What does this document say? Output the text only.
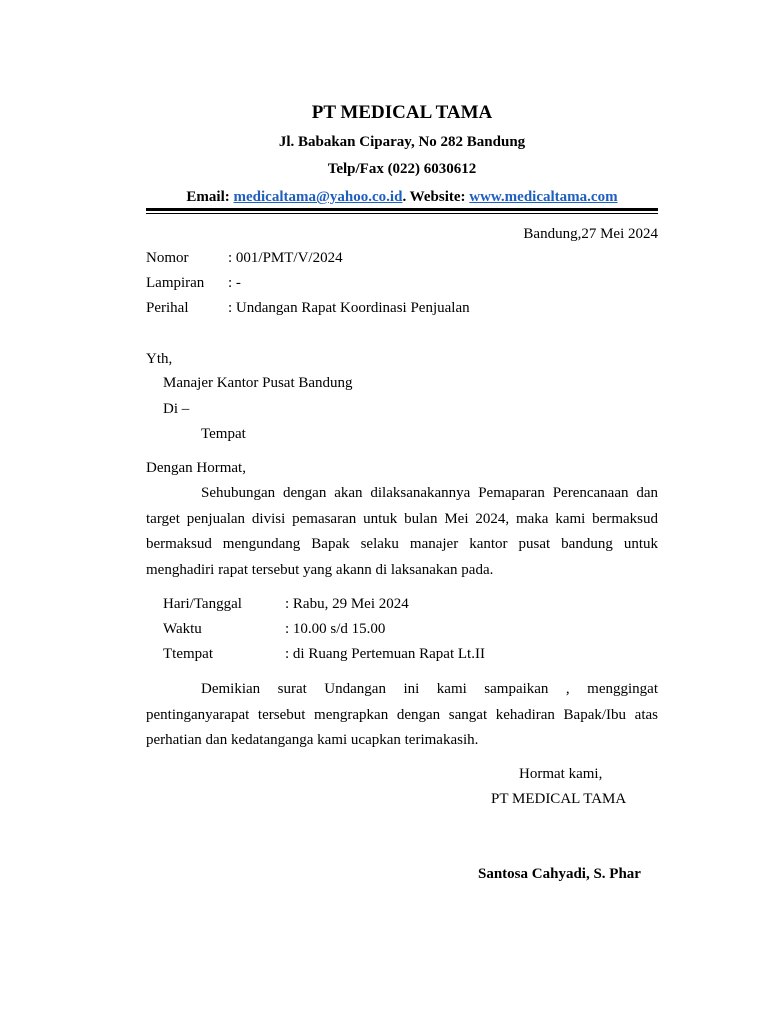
PT MEDICAL TAMA
Jl. Babakan Ciparay, No 282 Bandung
Telp/Fax (022) 6030612
Email: medicaltama@yahoo.co.id. Website: www.medicaltama.com
Bandung,27 Mei 2024
Nomor	: 001/PMT/V/2024
Lampiran : -
Perihal	: Undangan Rapat Koordinasi Penjualan
Yth,
Manajer Kantor Pusat Bandung
Di –
Tempat
Dengan Hormat,
Sehubungan dengan akan dilaksanakannya Pemaparan Perencanaan dan target penjualan divisi pemasaran untuk bulan Mei 2024, maka kami bermaksud bermaksud mengundang Bapak selaku manajer kantor pusat bandung untuk menghadiri rapat tersebut yang akann di laksanakan pada.
Hari/Tanggal	: Rabu, 29 Mei 2024
Waktu	: 10.00 s/d 15.00
Ttempat	: di Ruang Pertemuan Rapat Lt.II
Demikian surat Undangan ini kami sampaikan , menggingat pentinganyarapat tersebut mengrapkan dengan sangat kehadiran Bapak/Ibu atas perhatian dan kedatanganga kami ucapkan terimakasih.
Hormat kami,
PT MEDICAL TAMA
Santosa Cahyadi, S. Phar
